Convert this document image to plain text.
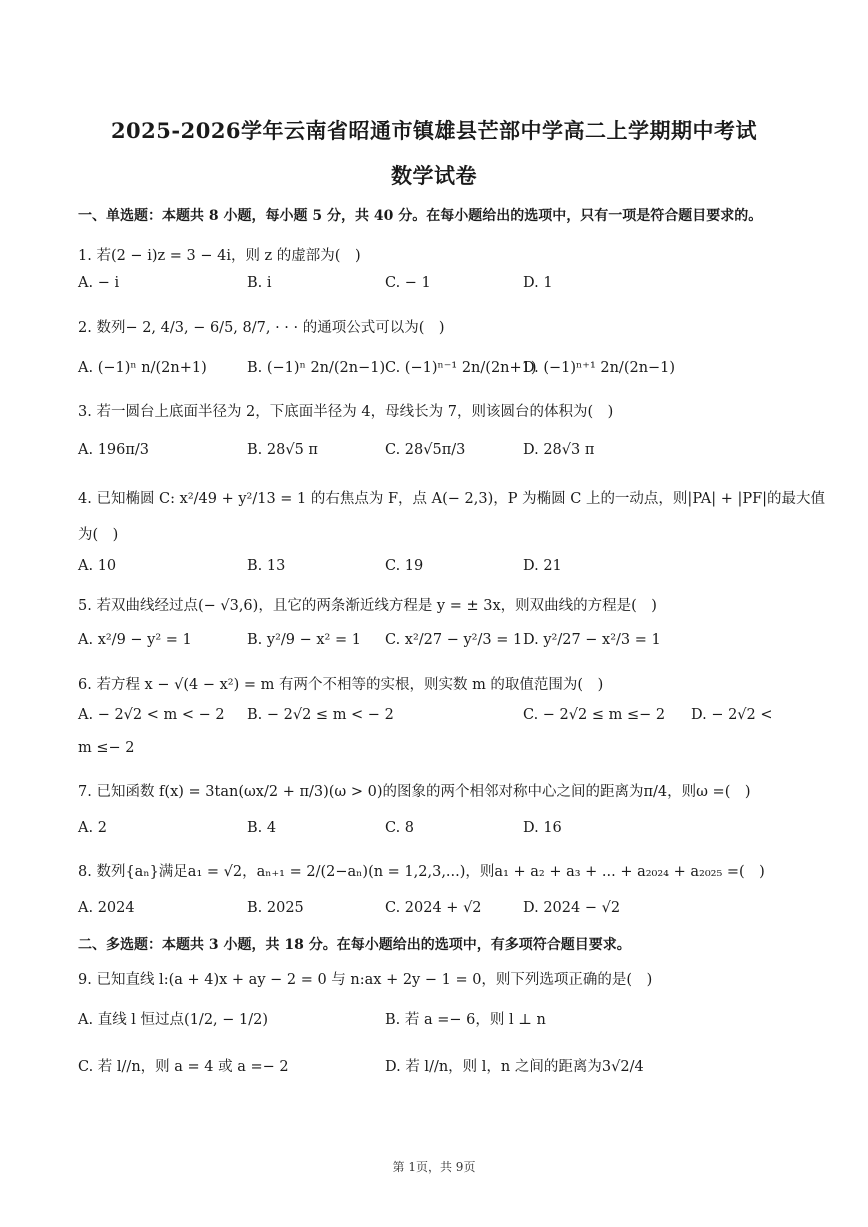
2025-2026学年云南省昭通市镇雄县芒部中学高二上学期期中考试
数学试卷
一、单选题：本题共 8 小题，每小题 5 分，共 40 分。在每小题给出的选项中，只有一项是符合题目要求的。
1. 若(2 − i)z = 3 − 4i，则 z 的虚部为(　)
A. − i	B. i	C. − 1	D. 1
2. 数列− 2, 4/3, − 6/5, 8/7, · · · 的通项公式可以为(　)
A. (−1)ⁿ n/(2n+1)	B. (−1)ⁿ 2n/(2n−1) C. (−1)ⁿ⁻¹ 2n/(2n+1)
D. (−1)ⁿ⁺¹ 2n/(2n−1)
3. 若一圆台上底面半径为 2，下底面半径为 4，母线长为 7，则该圆台的体积为(　)
A. 196π/3	B. 28√5 π	C. 28√5π/3	D. 28√3 π
4. 已知椭圆 C: x²/49 + y²/13 = 1 的右焦点为 F，点 A(− 2,3)，P 为椭圆 C 上的一动点，则|PA| + |PF|的最大值
为(　)
A. 10	B. 13	C. 19	D. 21
5. 若双曲线经过点(− √3,6)，且它的两条渐近线方程是 y = ± 3x，则双曲线的方程是(　)
A. x²/9 − y² = 1	B. y²/9 − x² = 1 C. x²/27 − y²/3 = 1 D. y²/27 − x²/3 = 1
6. 若方程 x − √(4 − x²) = m 有两个不相等的实根，则实数 m 的取值范围为(　)
A. − 2√2 < m < − 2 B. − 2√2 ≤ m < − 2	C. − 2√2 ≤ m ≤− 2 D. − 2√2 <
m ≤− 2
7. 已知函数 f(x) = 3tan(ωx/2 + π/3)(ω > 0)的图象的两个相邻对称中心之间的距离为π/4，则ω =(　)
A. 2	B. 4	C. 8	D. 16
8. 数列{aₙ}满足a₁ = √2，aₙ₊₁ = 2/(2−aₙ)(n = 1,2,3,...)，则a₁ + a₂ + a₃ + ... + a₂₀₂₄ + a₂₀₂₅ =(　)
A. 2024	B. 2025	C. 2024 + √2	D. 2024 − √2
二、多选题：本题共 3 小题，共 18 分。在每小题给出的选项中，有多项符合题目要求。
9. 已知直线 l:(a + 4)x + ay − 2 = 0 与 n:ax + 2y − 1 = 0，则下列选项正确的是(　)
A. 直线 l 恒过点(1/2, − 1/2)	B. 若 a =− 6，则 l ⊥ n
C. 若 l//n，则 a = 4 或 a =− 2	D. 若 l//n，则 l，n 之间的距离为3√2/4
第 1页，共 9页
